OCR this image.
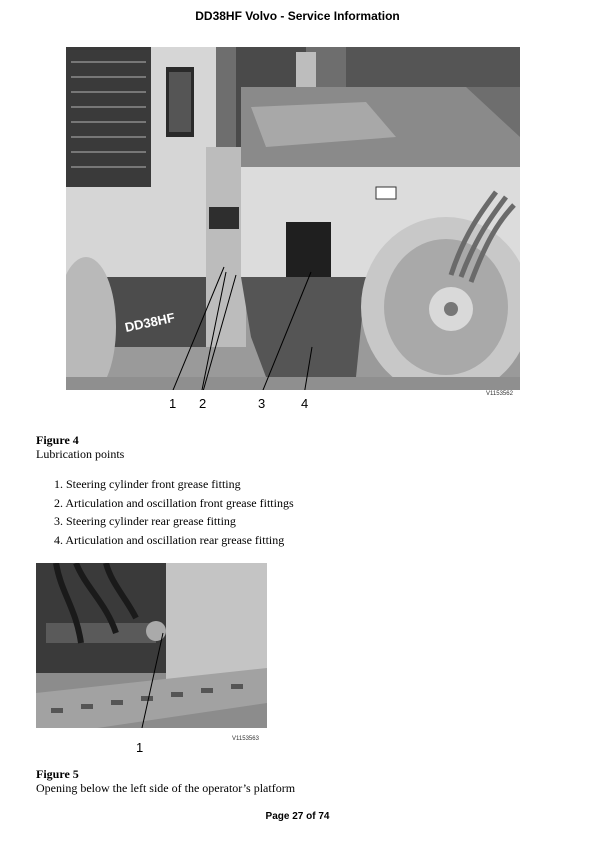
DD38HF Volvo - Service Information
DD38HF
1 2	3	4
V1153562
Figure 4
Lubrication points
1. Steering cylinder front grease fitting
2. Articulation and oscillation front grease fittings
3. Steering cylinder rear grease fitting
4. Articulation and oscillation rear grease fitting
V1153563
1
Figure 5
Opening below the left side of the operator’s platform
Page 27 of 74
